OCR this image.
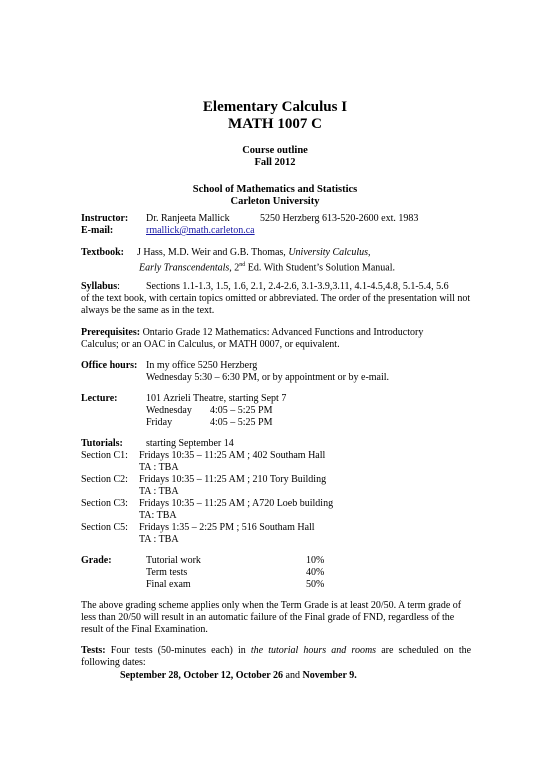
Elementary Calculus I
MATH 1007 C
Course outline
Fall 2012
School of Mathematics and Statistics
Carleton University
Instructor: Dr. Ranjeeta Mallick	5250 Herzberg 613-520-2600 ext. 1983
E-mail:	rmallick@math.carleton.ca
Textbook: J Hass, M.D. Weir and G.B. Thomas, University Calculus,
Early Transcendentals, 2nd Ed. With Student’s Solution Manual.
Syllabus:	Sections 1.1-1.3, 1.5, 1.6, 2.1, 2.4-2.6, 3.1-3.9,3.11, 4.1-4.5,4.8, 5.1-5.4, 5.6
of the text book, with certain topics omitted or abbreviated. The order of the presentation will not always be the same as in the text.
Prerequisites: Ontario Grade 12 Mathematics: Advanced Functions and Introductory
Calculus; or an OAC in Calculus, or MATH 0007, or equivalent.
Office hours: In my office 5250 Herzberg
Wednesday 5:30 – 6:30 PM, or by appointment or by e-mail.
Lecture:	101 Azrieli Theatre, starting Sept 7
Wednesday 4:05 – 5:25 PM
Friday	4:05 – 5:25 PM
Tutorials: starting September 14
Section C1: Fridays 10:35 – 11:25 AM ; 402 Southam Hall
TA : TBA
Section C2: Fridays 10:35 – 11:25 AM ; 210 Tory Building
TA : TBA
Section C3: Fridays 10:35 – 11:25 AM ; A720 Loeb building
TA: TBA
Section C5: Fridays 1:35 – 2:25 PM ; 516 Southam Hall
TA : TBA
Grade:	Tutorial work	10%
Term tests	40%
Final exam	50%
The above grading scheme applies only when the Term Grade is at least 20/50. A term grade of less than 20/50 will result in an automatic failure of the Final grade of FND, regardless of the result of the Final Examination.
Tests: Four tests (50-minutes each) in the tutorial hours and rooms are scheduled on the following dates:
September 28, October 12, October 26 and November 9.
